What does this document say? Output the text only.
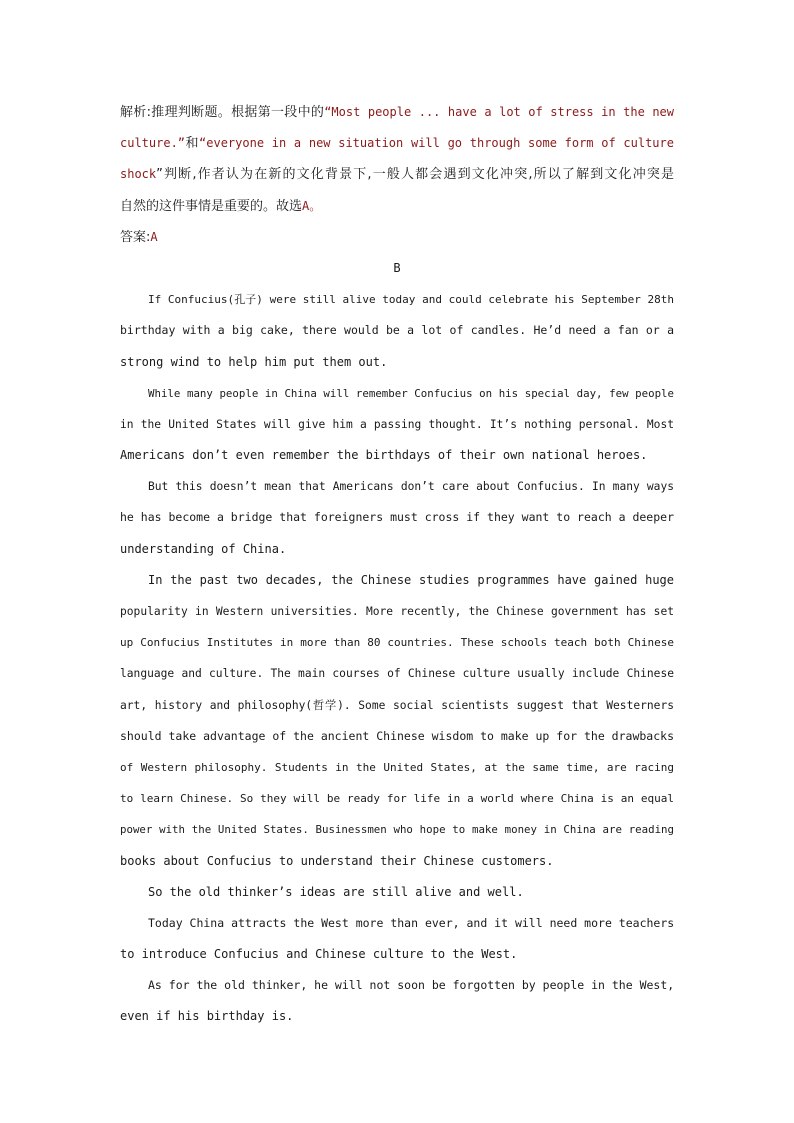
解析:推理判断题。根据第一段中的“Most people ... have a lot of stress in the new
culture.”和“everyone in a new situation will go through some form of culture
shock”判断,作者认为在新的文化背景下,一般人都会遇到文化冲突,所以了解到文化冲突是
自然的这件事情是重要的。故选A。
答案:A
B
If Confucius(孔子) were still alive today and could celebrate his September 28th
birthday with a big cake, there would be a lot of candles. He’d need a fan or a
strong wind to help him put them out.
While many people in China will remember Confucius on his special day, few people
in the United States will give him a passing thought. It’s nothing personal. Most
Americans don’t even remember the birthdays of their own national heroes.
But this doesn’t mean that Americans don’t care about Confucius. In many ways
he has become a bridge that foreigners must cross if they want to reach a deeper
understanding of China.
In the past two decades, the Chinese studies programmes have gained huge
popularity in Western universities. More recently, the Chinese government has set
up Confucius Institutes in more than 80 countries. These schools teach both Chinese
language and culture. The main courses of Chinese culture usually include Chinese
art, history and philosophy(哲学). Some social scientists suggest that Westerners
should take advantage of the ancient Chinese wisdom to make up for the drawbacks
of Western philosophy. Students in the United States, at the same time, are racing
to learn Chinese. So they will be ready for life in a world where China is an equal
power with the United States. Businessmen who hope to make money in China are reading
books about Confucius to understand their Chinese customers.
So the old thinker’s ideas are still alive and well.
Today China attracts the West more than ever, and it will need more teachers
to introduce Confucius and Chinese culture to the West.
As for the old thinker, he will not soon be forgotten by people in the West,
even if his birthday is.
